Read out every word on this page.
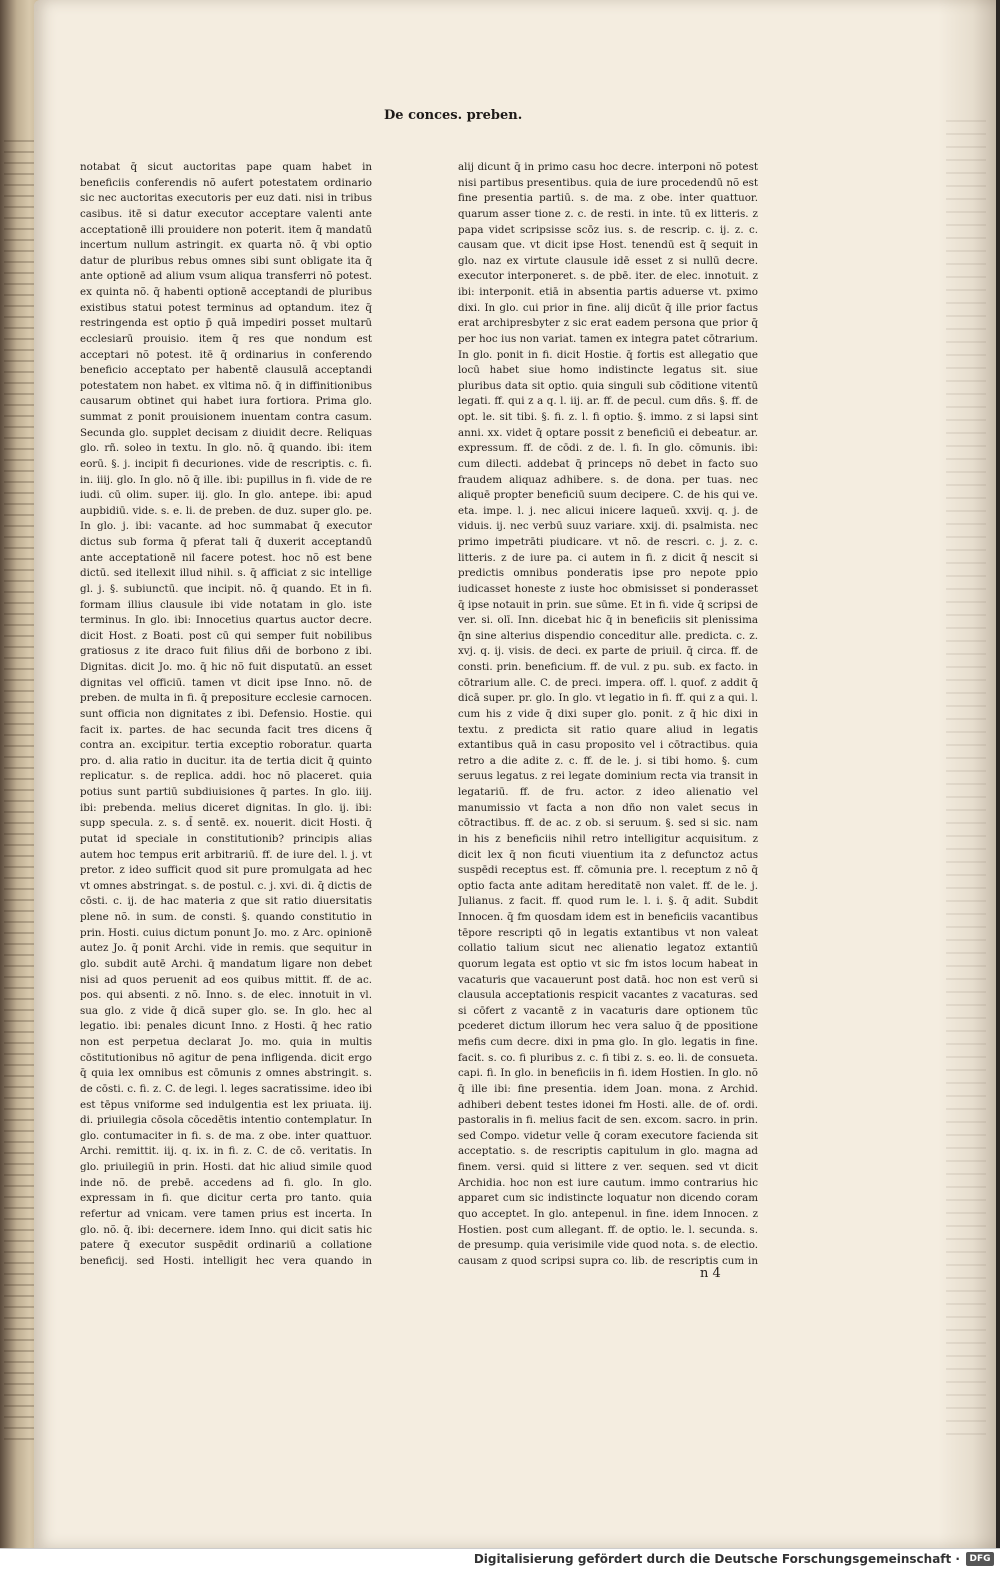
De conces. preben.

notabat q̄ sicut auctoritas pape quam habet in beneficiis conferendis nõ aufert potestatem ordinario sic nec auctoritas executoris per euz dati. nisi in tribus casibus. itē si datur executor acceptare valenti ante acceptationē illi prouidere non poterit. item q̄ mandatū incertum nullum astringit. ex quarta nõ. q̄ vbi optio datur de pluribus rebus omnes sibi sunt obligate ita q̄ ante optionē ad alium vsum aliqua transferri nõ potest. ex quinta nõ. q̄ habenti optionē acceptandi de pluribus existibus statui potest terminus ad optandum. itez q̄ restringenda est optio p̄ quā impediri posset multarū ecclesiarū prouisio. item q̄ res que nondum est acceptari nõ potest. itē q̄ ordinarius in conferendo beneficio acceptato per habentē clausulā acceptandi potestatem non habet. ex vltima nõ. q̄ in diffinitionibus causarum obtinet qui habet iura fortiora. Prima glo. summat z ponit prouisionem inuentam contra casum. Secunda glo. supplet decisam z diuidit decre. Reliquas glo. rñ. soleo in textu. In glo. nõ. q̄ quando. ibi: item eorū. §. j. incipit fi decuriones. vide de rescriptis. c. fi. in. iiij. glo. In glo. nõ q̄ ille. ibi: pupillus in fi. vide de re iudi. cū olim. super. iij. glo. In glo. antepe. ibi: apud aupbidiū. vide. s. e. li. de preben. de duz. super glo. pe. In glo. j. ibi: vacante. ad hoc summabat q̄ executor dictus sub forma q̄ pferat tali q̄ duxerit acceptandū ante acceptationē nil facere potest. hoc nõ est bene dictū. sed itellexit illud nihil. s. q̄ afficiat z sic intellige gl. j. §. subiunctū. que incipit. nõ. q̄ quando. Et in fi. formam illius clausule ibi vide notatam in glo. iste terminus. In glo. ibi: Innocetius quartus auctor decre. dicit Host. z Boati. post cū qui semper fuit nobilibus gratiosus z ite draco fuit filius dñi de borbono z ibi. Dignitas. dicit Jo. mo. q̄ hic nõ fuit disputatū. an esset dignitas vel officiū. tamen vt dicit ipse Inno. nõ. de preben. de multa in fi. q̄ prepositure ecclesie carnocen. sunt officia non dignitates z ibi. Defensio. Hostie. qui facit ix. partes. de hac secunda facit tres dicens q̄ contra an. excipitur. tertia exceptio roboratur. quarta pro. d. alia ratio in ducitur. ita de tertia dicit q̄ quinto replicatur. s. de replica. addi. hoc nõ placeret. quia potius sunt partiū subdiuisiones q̄ partes. In glo. iiij. ibi: prebenda. melius diceret dignitas. In glo. ij. ibi: supp specula. z. s. d̄ sentē. ex. nouerit. dicit Hosti. q̄ putat id speciale in constitutionib? principis alias autem hoc tempus erit arbitrariū. ff. de iure del. l. j. vt pretor. z ideo sufficit quod sit pure promulgata ad hec vt omnes abstringat. s. de postul. c. j. xvi. di. q̄ dictis de cōsti. c. ij. de hac materia z que sit ratio diuersitatis plene nõ. in sum. de consti. §. quando constitutio in prin. Hosti. cuius dictum ponunt Jo. mo. z Arc. opinionē autez Jo. q̄ ponit Archi. vide in remis. que sequitur in glo. subdit autē Archi. q̄ mandatum ligare non debet nisi ad quos peruenit ad eos quibus mittit. ff. de ac. pos. qui absenti. z nõ. Inno. s. de elec. innotuit in vl. sua glo. z vide q̄ dicā super glo. se. In glo. hec al legatio. ibi: penales dicunt Inno. z Hosti. q̄ hec ratio non est perpetua declarat Jo. mo. quia in multis cōstitutionibus nõ agitur de pena infligenda. dicit ergo q̄ quia lex omnibus est cōmunis z omnes abstringit. s. de cōsti. c. fi. z. C. de legi. l. leges sacratissime. ideo ibi est tēpus vniforme sed indulgentia est lex priuata. iij. di. priuilegia cōsola cōcedētis intentio contemplatur. In glo. contumaciter in fi. s. de ma. z obe. inter quattuor. Archi. remittit. iij. q. ix. in fi. z. C. de cō. veritatis. In glo. priuilegiū in prin. Hosti. dat hic aliud simile quod inde nõ. de prebē. accedens ad fi. glo. In glo. expressam in fi. que dicitur certa pro tanto. quia refertur ad vnicam. vere tamen prius est incerta. In glo. nõ. q̄. ibi: decernere. idem Inno. qui dicit satis hic patere q̄ executor suspēdit ordinariū a collatione beneficij. sed Hosti. intelligit hec vera quando in

alij dicunt q̄ in primo casu hoc decre. interponi nõ potest nisi partibus presentibus. quia de iure procedendū nõ est fine presentia partiū. s. de ma. z obe. inter quattuor. quarum asser tione z. c. de resti. in inte. tū ex litteris. z papa videt scripsisse scōz ius. s. de rescrip. c. ij. z. c. causam que. vt dicit ipse Host. tenendū est q̄ sequit in glo. naz ex virtute clausule idē esset z si nullū decre. executor interponeret. s. de pbē. iter. de elec. innotuit. z ibi: interponit. etiā in absentia partis aduerse vt. pximo dixi. In glo. cui prior in fine. alij dicūt q̄ ille prior factus erat archipresbyter z sic erat eadem persona que prior q̄ per hoc ius non variat. tamen ex integra patet cōtrarium. In glo. ponit in fi. dicit Hostie. q̄ fortis est allegatio que locū habet siue homo indistincte legatus sit. siue pluribus data sit optio. quia singuli sub cōditione vitentū legati. ff. qui z a q. l. iij. ar. ff. de pecul. cum dñs. §. ff. de opt. le. sit tibi. §. fi. z. l. fi optio. §. immo. z si lapsi sint anni. xx. videt q̄ optare possit z beneficiū ei debeatur. ar. expressum. ff. de cōdi. z de. l. fi. In glo. cōmunis. ibi: cum dilecti. addebat q̄ princeps nõ debet in facto suo fraudem aliquaz adhibere. s. de dona. per tuas. nec aliquē propter beneficiū suum decipere. C. de his qui ve. eta. impe. l. j. nec alicui inicere laqueū. xxvij. q. j. de viduis. ij. nec verbū suuz variare. xxij. di. psalmista. nec primo impetrāti piudicare. vt nõ. de rescri. c. j. z. c. litteris. z de iure pa. ci autem in fi. z dicit q̄ nescit si predictis omnibus ponderatis ipse pro nepote ppio iudicasset honeste z iuste hoc obmisisset si ponderasset q̄ ipse notauit in prin. sue sūme. Et in fi. vide q̄ scripsi de ver. si. olī. Inn. dicebat hic q̄ in beneficiis sit plenissima q̄n sine alterius dispendio conceditur alle. predicta. c. z. xvj. q. ij. visis. de deci. ex parte de priuil. q̄ circa. ff. de consti. prin. beneficium. ff. de vul. z pu. sub. ex facto. in cōtrarium alle. C. de preci. impera. off. l. quof. z addit q̄ dicā super. pr. glo. In glo. vt legatio in fi. ff. qui z a qui. l. cum his z vide q̄ dixi super glo. ponit. z q̄ hic dixi in textu. z predicta sit ratio quare aliud in legatis extantibus quā in casu proposito vel i cōtractibus. quia retro a die adite z. c. ff. de le. j. si tibi homo. §. cum seruus legatus. z rei legate dominium recta via transit in legatariū. ff. de fru. actor. z ideo alienatio vel manumissio vt facta a non dño non valet secus in cōtractibus. ff. de ac. z ob. si seruum. §. sed si sic. nam in his z beneficiis nihil retro intelligitur acquisitum. z dicit lex q̄ non ficuti viuentium ita z defunctoz actus suspēdi receptus est. ff. cōmunia pre. l. receptum z nõ q̄ optio facta ante aditam hereditatē non valet. ff. de le. j. Julianus. z facit. ff. quod rum le. l. i. §. q̄ adit. Subdit Innocen. q̄ fm quosdam idem est in beneficiis vacantibus tēpore rescripti qō in legatis extantibus vt non valeat collatio talium sicut nec alienatio legatoz extantiū quorum legata est optio vt sic fm istos locum habeat in vacaturis que vacauerunt post datā. hoc non est verū si clausula acceptationis respicit vacantes z vacaturas. sed si cōfert z vacantē z in vacaturis dare optionem tūc pcederet dictum illorum hec vera saluo q̄ de ppositione mefis cum decre. dixi in pma glo. In glo. legatis in fine. facit. s. co. fi pluribus z. c. fi tibi z. s. eo. li. de consueta. capi. fi. In glo. in beneficiis in fi. idem Hostien. In glo. nõ q̄ ille ibi: fine presentia. idem Joan. mona. z Archid. adhiberi debent testes idonei fm Hosti. alle. de of. ordi. pastoralis in fi. melius facit de sen. excom. sacro. in prin. sed Compo. videtur velle q̄ coram executore facienda sit acceptatio. s. de rescriptis capitulum in glo. magna ad finem. versi. quid si littere z ver. sequen. sed vt dicit Archidia. hoc non est iure cautum. immo contrarius hic apparet cum sic indistincte loquatur non dicendo coram quo acceptet. In glo. antepenul. in fine. idem Innocen. z Hostien. post cum allegant. ff. de optio. le. l. secunda. s. de presump. quia verisimile vide quod nota. s. de electio. causam z quod scripsi supra co. lib. de rescriptis cum in

n 4
Digitalisierung gefördert durch die Deutsche Forschungsgemeinschaft ·	DFG
